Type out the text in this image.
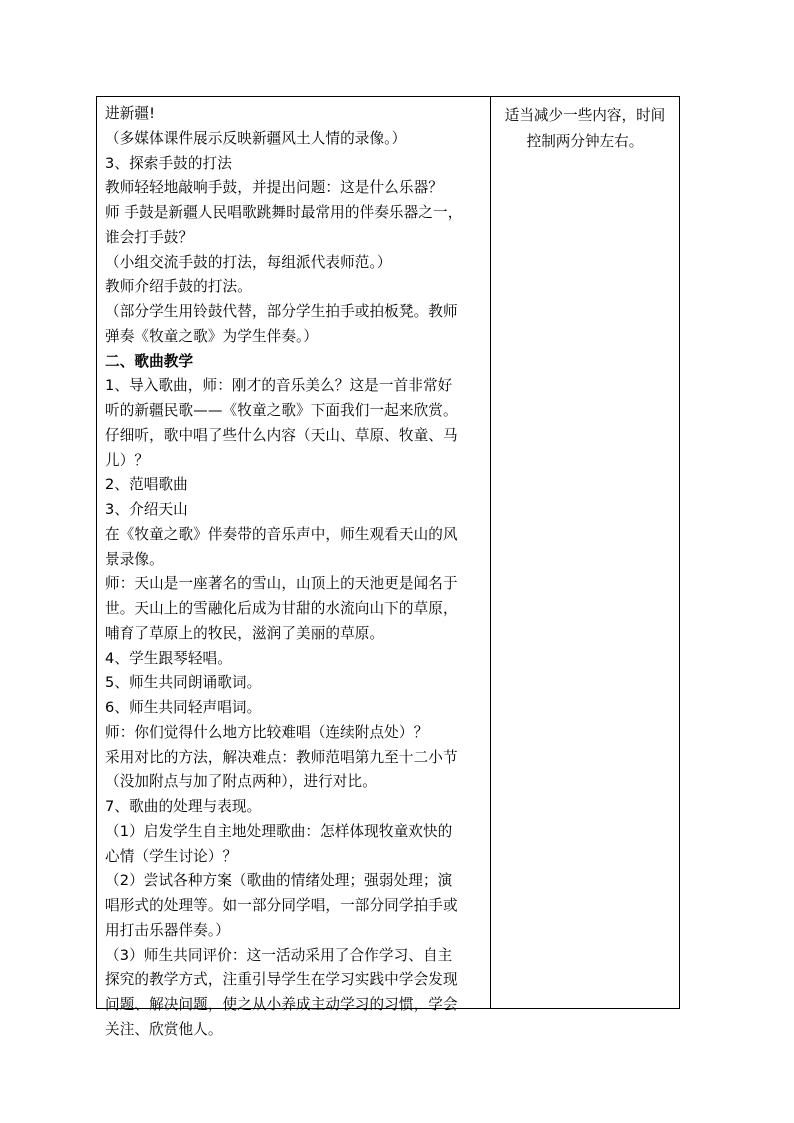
进新疆!
（多媒体课件展示反映新疆风土人情的录像。）
3、探索手鼓的打法
教师轻轻地敲响手鼓，并提出问题：这是什么乐器？
师 手鼓是新疆人民唱歌跳舞时最常用的伴奏乐器之一，
谁会打手鼓？
（小组交流手鼓的打法，每组派代表师范。）
教师介绍手鼓的打法。
（部分学生用铃鼓代替，部分学生拍手或拍板凳。教师
弹奏《牧童之歌》为学生伴奏。）
二、歌曲教学
1、导入歌曲，师：刚才的音乐美么？这是一首非常好
听的新疆民歌——《牧童之歌》下面我们一起来欣赏。
仔细听，歌中唱了些什么内容（天山、草原、牧童、马
儿）？
2、范唱歌曲
3、介绍天山
在《牧童之歌》伴奏带的音乐声中，师生观看天山的风
景录像。
师：天山是一座著名的雪山，山顶上的天池更是闻名于
世。天山上的雪融化后成为甘甜的水流向山下的草原，
哺育了草原上的牧民，滋润了美丽的草原。
4、学生跟琴轻唱。
5、师生共同朗诵歌词。
6、师生共同轻声唱词。
师：你们觉得什么地方比较难唱（连续附点处）？
采用对比的方法，解决难点：教师范唱第九至十二小节
（没加附点与加了附点两种），进行对比。
7、歌曲的处理与表现。
（1）启发学生自主地处理歌曲：怎样体现牧童欢快的
心情（学生讨论）？
（2）尝试各种方案（歌曲的情绪处理；强弱处理；演
唱形式的处理等。如一部分同学唱，一部分同学拍手或
用打击乐器伴奏。）
（3）师生共同评价：这一活动采用了合作学习、自主
探究的教学方式，注重引导学生在学习实践中学会发现
问题、解决问题，使之从小养成主动学习的习惯，学会
关注、欣赏他人。
适当减少一些内容，时间
控制两分钟左右。
